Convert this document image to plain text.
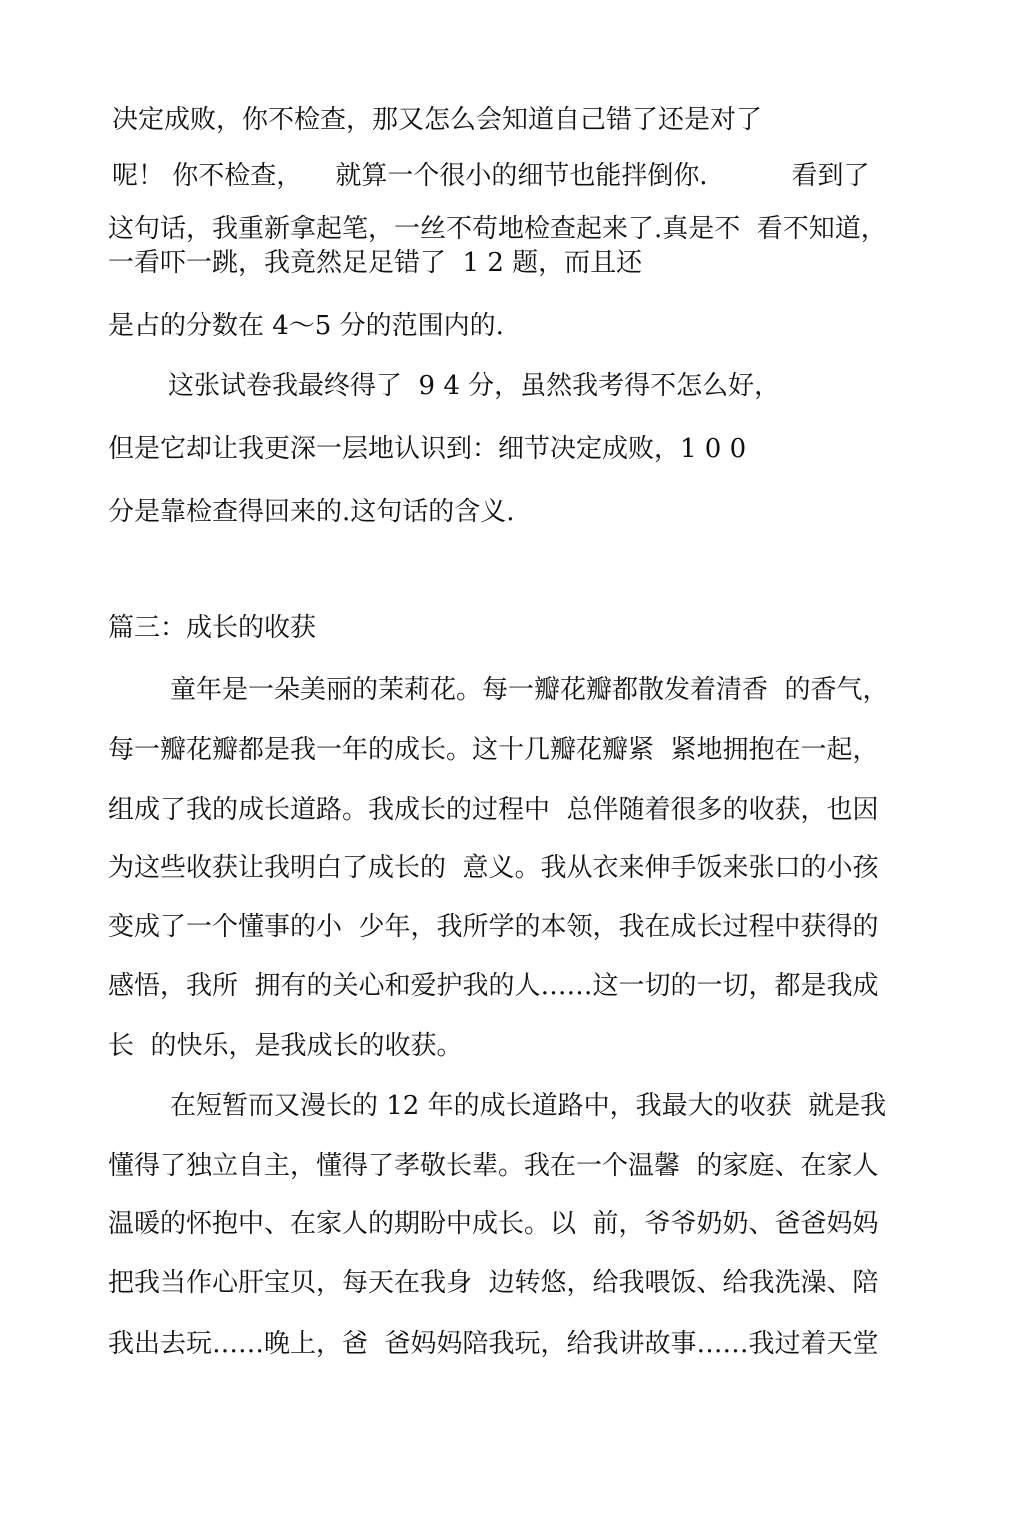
决定成败，你不检查，那又怎么会知道自己错了还是对了
呢！ 你不检查，    就算一个很小的细节也能拌倒你．        看到了
这句话，我重新拿起笔，一丝不苟地检查起来了.真是不  看不知道，
一看吓一跳，我竟然足足错了  1 2 题，而且还
是占的分数在 4～5 分的范围内的.
这张试卷我最终得了  9 4 分，虽然我考得不怎么好，
但是它却让我更深一层地认识到：细节决定成败，1 0 0
分是靠检查得回来的.这句话的含义.
篇三：成长的收获
童年是一朵美丽的茉莉花。每一瓣花瓣都散发着清香  的香气，
每一瓣花瓣都是我一年的成长。这十几瓣花瓣紧  紧地拥抱在一起，
组成了我的成长道路。我成长的过程中  总伴随着很多的收获，也因
为这些收获让我明白了成长的  意义。我从衣来伸手饭来张口的小孩
变成了一个懂事的小  少年，我所学的本领，我在成长过程中获得的
感悟，我所  拥有的关心和爱护我的人……这一切的一切，都是我成
长  的快乐，是我成长的收获。
在短暂而又漫长的 12 年的成长道路中，我最大的收获  就是我
懂得了独立自主，懂得了孝敬长辈。我在一个温馨  的家庭、在家人
温暖的怀抱中、在家人的期盼中成长。以  前，爷爷奶奶、爸爸妈妈
把我当作心肝宝贝，每天在我身  边转悠，给我喂饭、给我洗澡、陪
我出去玩……晚上，爸  爸妈妈陪我玩，给我讲故事……我过着天堂
